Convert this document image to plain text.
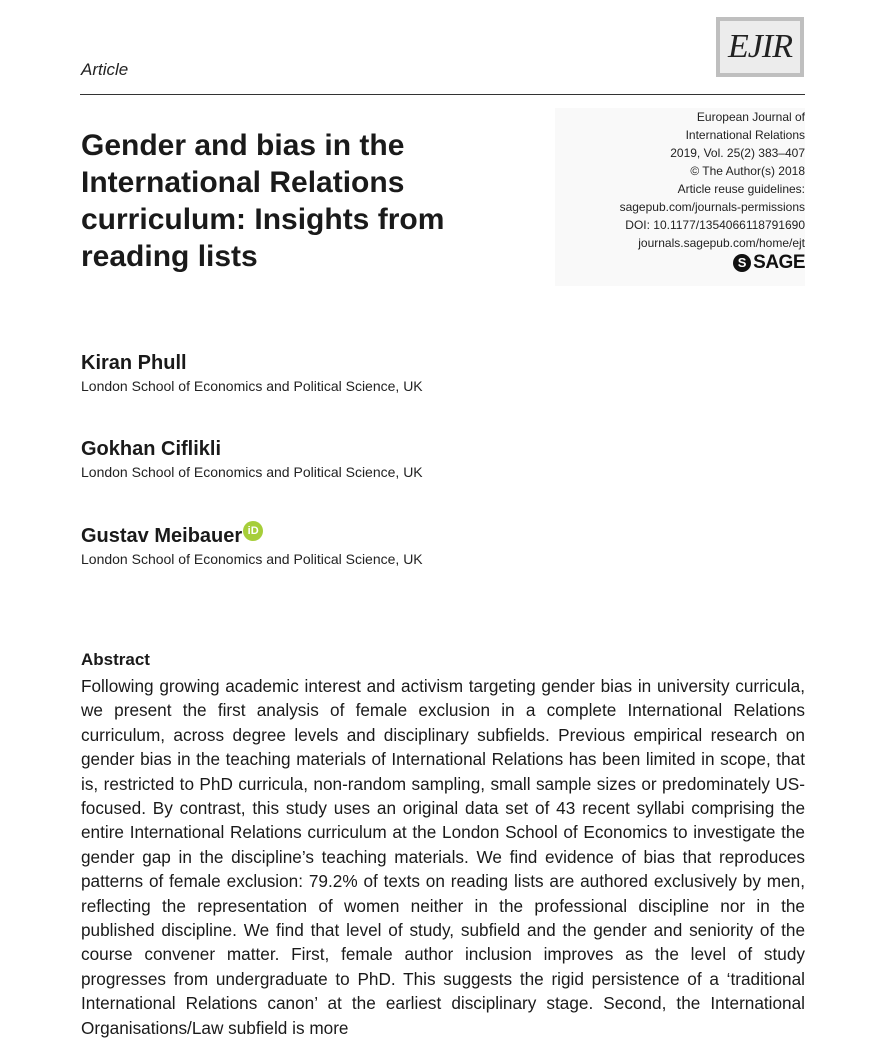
EJIR
Article
Gender and bias in the International Relations curriculum: Insights from reading lists
European Journal of
International Relations
2019, Vol. 25(2) 383–407
© The Author(s) 2018
Article reuse guidelines:
sagepub.com/journals-permissions
DOI: 10.1177/1354066118791690
journals.sagepub.com/home/ejt
S SAGE
Kiran Phull
London School of Economics and Political Science, UK
Gokhan Ciflikli
London School of Economics and Political Science, UK
Gustav Meibauer iD
London School of Economics and Political Science, UK
Abstract

Following growing academic interest and activism targeting gender bias in university curricula, we present the first analysis of female exclusion in a complete International Relations curriculum, across degree levels and disciplinary subfields. Previous empirical research on gender bias in the teaching materials of International Relations has been limited in scope, that is, restricted to PhD curricula, non-random sampling, small sample sizes or predominately US-focused. By contrast, this study uses an original data set of 43 recent syllabi comprising the entire International Relations curriculum at the London School of Economics to investigate the gender gap in the discipline’s teaching materials. We find evidence of bias that reproduces patterns of female exclusion: 79.2% of texts on reading lists are authored exclusively by men, reflecting the representation of women neither in the professional discipline nor in the published discipline. We find that level of study, subfield and the gender and seniority of the course convener matter. First, female author inclusion improves as the level of study progresses from undergraduate to PhD. This suggests the rigid persistence of a ‘traditional International Relations canon’ at the earliest disciplinary stage. Second, the International Organisations/Law subfield is more
